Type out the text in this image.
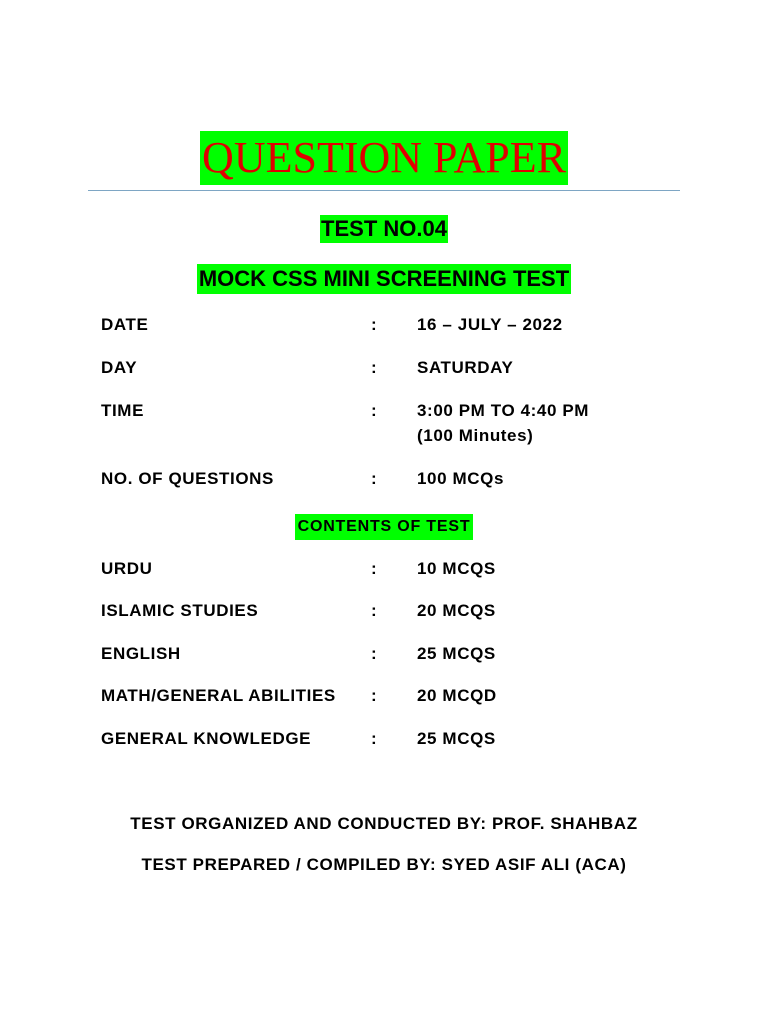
QUESTION PAPER
TEST NO.04
MOCK CSS MINI SCREENING TEST
DATE	: 16 – JULY – 2022
DAY	: SATURDAY
TIME	: 3:00 PM TO 4:40 PM
(100 Minutes)
NO. OF QUESTIONS	: 100 MCQs
CONTENTS OF TEST
URDU	: 10 MCQS
ISLAMIC STUDIES	: 20 MCQS
ENGLISH	: 25 MCQS
MATH/GENERAL ABILITIES : 20 MCQD
GENERAL KNOWLEDGE	: 25 MCQS
TEST ORGANIZED AND CONDUCTED BY: PROF. SHAHBAZ
TEST PREPARED / COMPILED BY: SYED ASIF ALI (ACA)
